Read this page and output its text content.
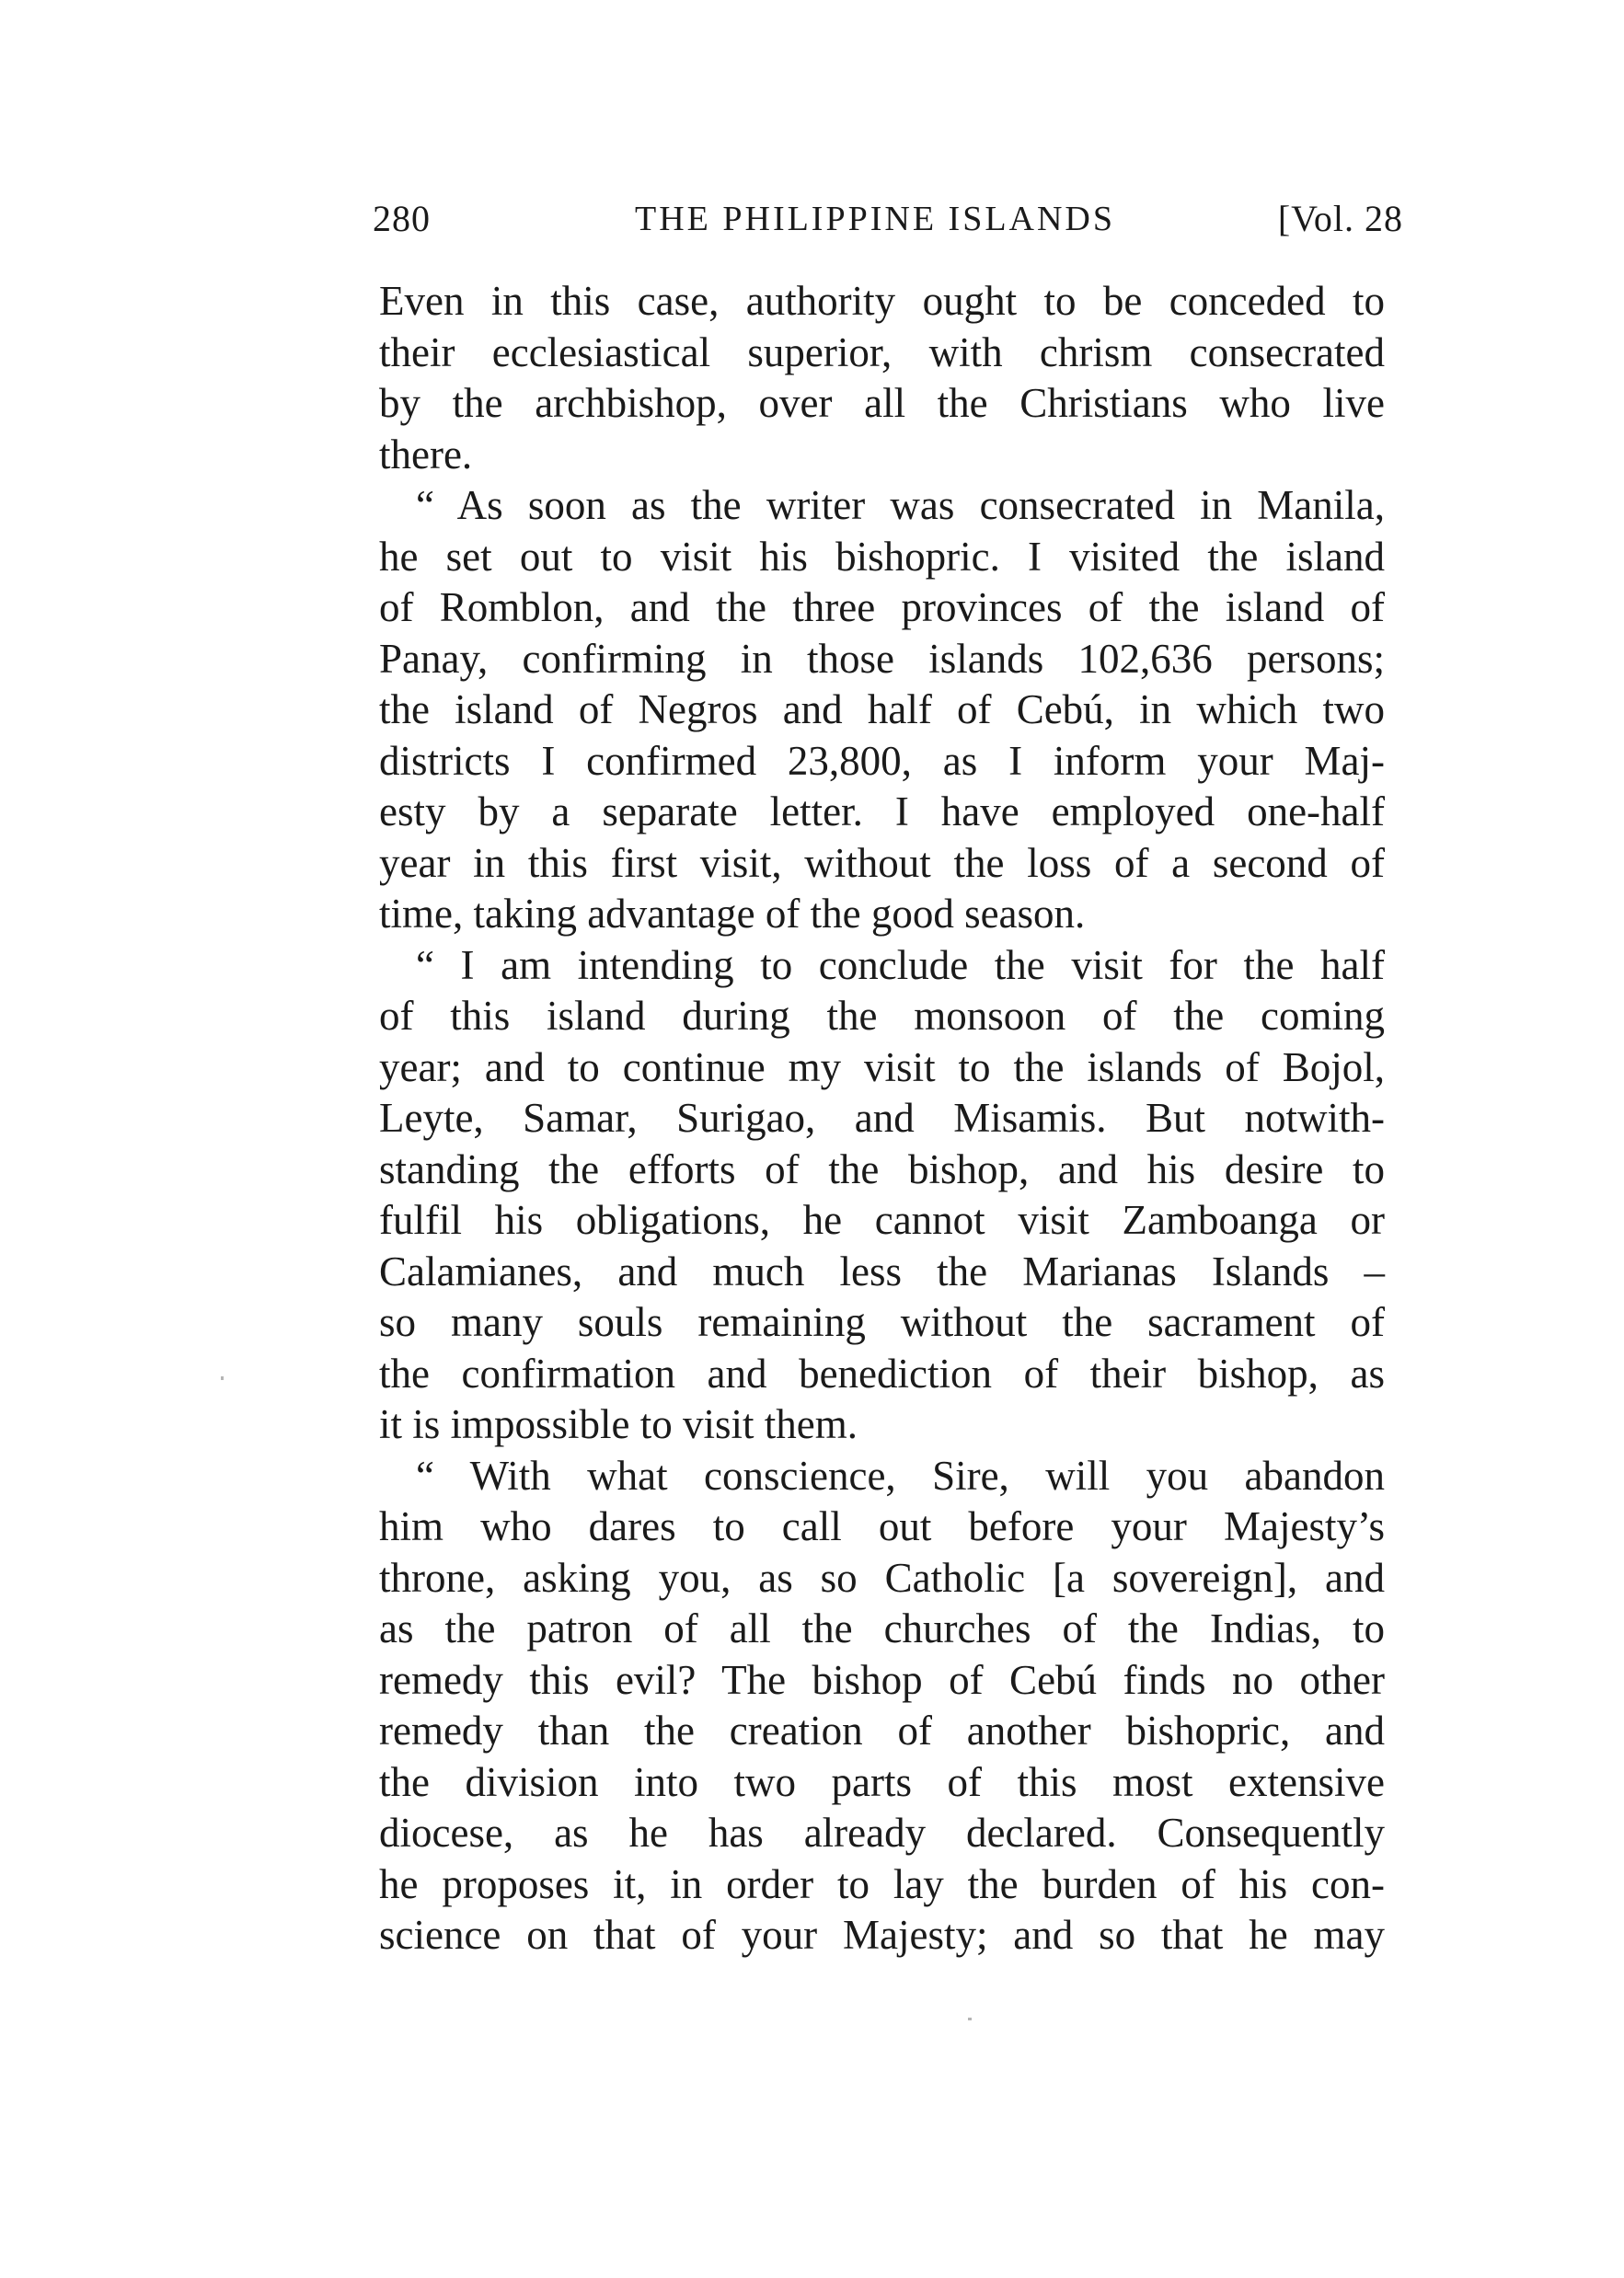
280	THE PHILIPPINE ISLANDS	[Vol. 28
Even in this case, authority ought to be conceded to
their ecclesiastical superior, with chrism consecrated
by the archbishop, over all the Christians who live
there.
“ As soon as the writer was consecrated in Manila,
he set out to visit his bishopric. I visited the island
of Romblon, and the three provinces of the island of
Panay, confirming in those islands 102,636 persons;
the island of Negros and half of Cebú, in which two
districts I confirmed 23,800, as I inform your Maj-
esty by a separate letter. I have employed one-half
year in this first visit, without the loss of a second of
time, taking advantage of the good season.
“ I am intending to conclude the visit for the half
of this island during the monsoon of the coming
year; and to continue my visit to the islands of Bojol,
Leyte, Samar, Surigao, and Misamis. But notwith-
standing the efforts of the bishop, and his desire to
fulfil his obligations, he cannot visit Zamboanga or
Calamianes, and much less the Marianas Islands –
so many souls remaining without the sacrament of
the confirmation and benediction of their bishop, as
it is impossible to visit them.
“ With what conscience, Sire, will you abandon
him who dares to call out before your Majesty’s
throne, asking you, as so Catholic [a sovereign], and
as the patron of all the churches of the Indias, to
remedy this evil? The bishop of Cebú finds no other
remedy than the creation of another bishopric, and
the division into two parts of this most extensive
diocese, as he has already declared. Consequently
he proposes it, in order to lay the burden of his con-
science on that of your Majesty; and so that he may
